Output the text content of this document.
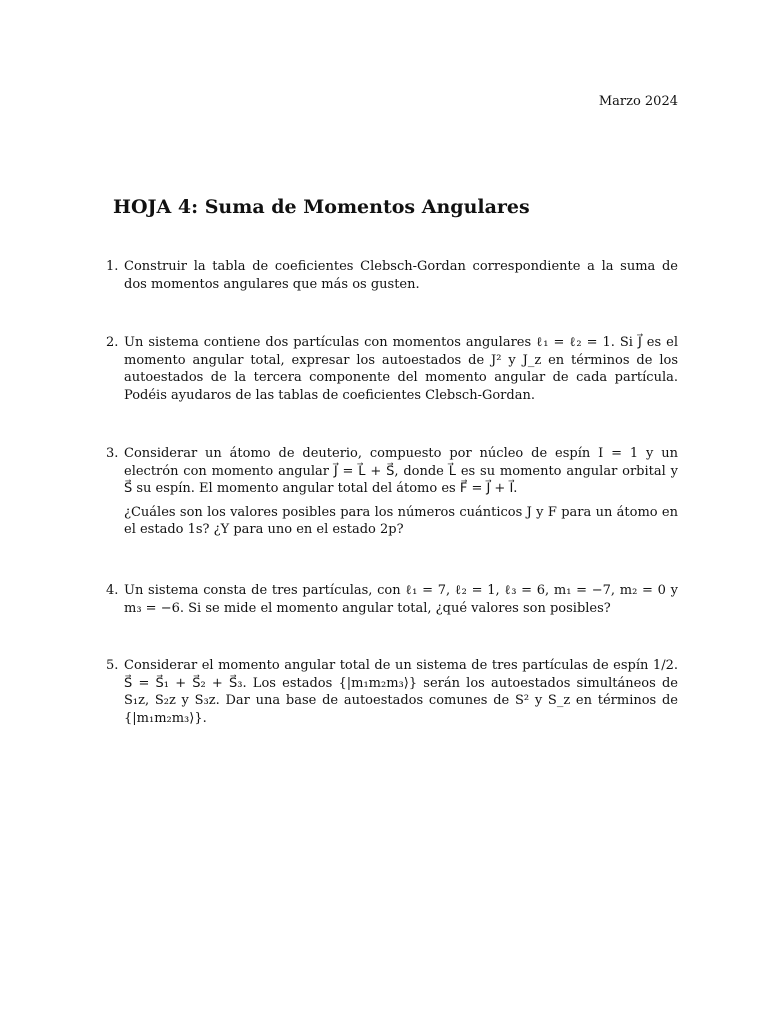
Marzo 2024
HOJA 4: Suma de Momentos Angulares
1. Construir la tabla de coeficientes Clebsch-Gordan correspondiente a la suma de dos momentos angulares que más os gusten.

2. Un sistema contiene dos partículas con momentos angulares ℓ₁ = ℓ₂ = 1. Si J⃗ es el momento angular total, expresar los autoestados de J² y J_z en términos de los autoestados de la tercera componente del momento angular de cada partícula. Podéis ayudaros de las tablas de coeficientes Clebsch-Gordan.

3. Considerar un átomo de deuterio, compuesto por núcleo de espín I = 1 y un electrón con momento angular J⃗ = L⃗ + S⃗, donde L⃗ es su momento angular orbital y S⃗ su espín. El momento angular total del átomo es F⃗ = J⃗ + I⃗.

¿Cuáles son los valores posibles para los números cuánticos J y F para un átomo en el estado 1s? ¿Y para uno en el estado 2p?

4. Un sistema consta de tres partículas, con ℓ₁ = 7, ℓ₂ = 1, ℓ₃ = 6, m₁ = −7, m₂ = 0 y m₃ = −6. Si se mide el momento angular total, ¿qué valores son posibles?

5. Considerar el momento angular total de un sistema de tres partículas de espín 1/2. S⃗ = S⃗₁ + S⃗₂ + S⃗₃. Los estados {|m₁m₂m₃⟩} serán los autoestados simultáneos de S₁z, S₂z y S₃z. Dar una base de autoestados comunes de S² y S_z en términos de {|m₁m₂m₃⟩}.
